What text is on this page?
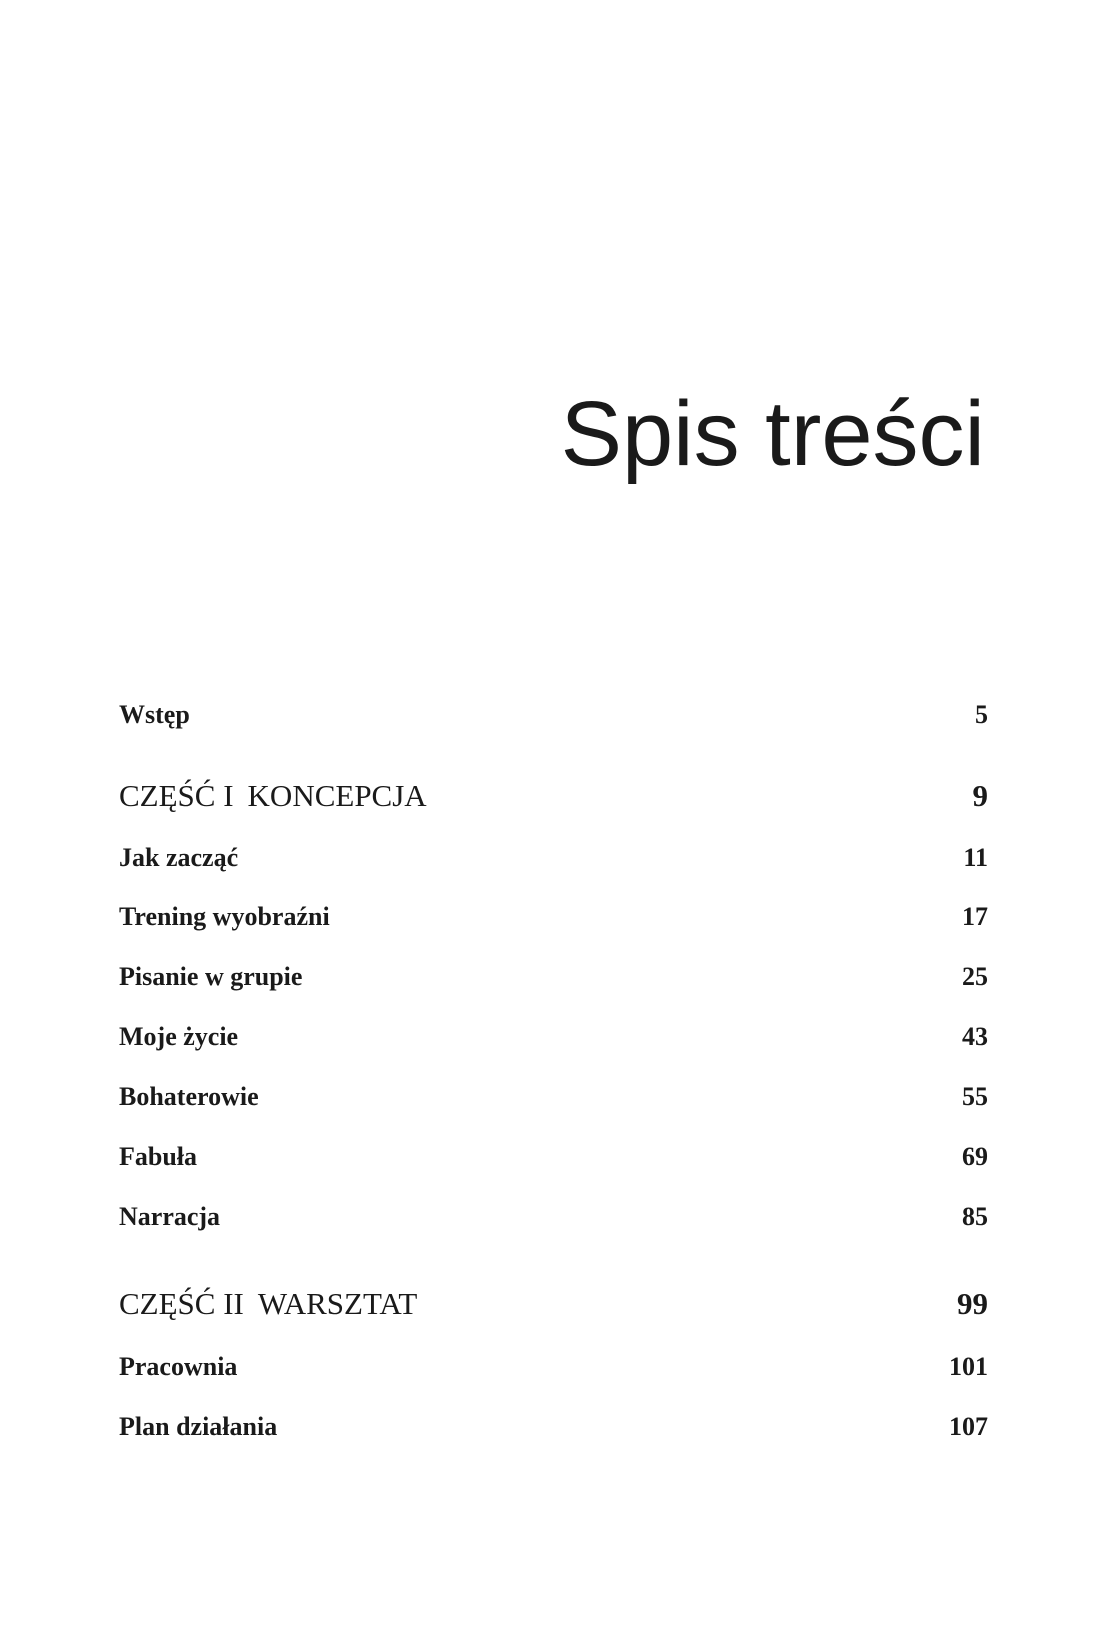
Spis treści
Wstęp	5
CZĘŚĆ I KONCEPCJA	9
Jak zacząć	11
Trening wyobraźni	17
Pisanie w grupie	25
Moje życie	43
Bohaterowie	55
Fabuła	69
Narracja	85
CZĘŚĆ II WARSZTAT	99
Pracownia	101
Plan działania	107
